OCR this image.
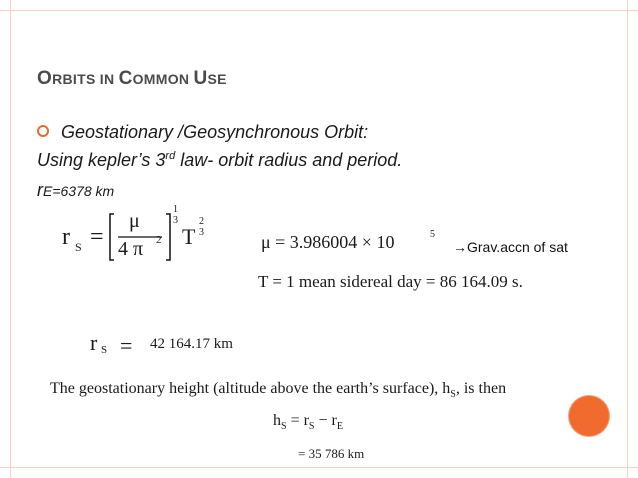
ORBITS IN COMMON USE
Geostationary /Geosynchronous Orbit:
Using kepler’s 3rd law- orbit radius and period.
rE=6378 km
r S =
μ
4 π 2
1
3
T
2
3	μ = 3.986004 × 10	5
→Grav.accn of sat
T = 1 mean sidereal day = 86 164.09 s.
r S = 42 164.17 km
The geostationary height (altitude above the earth’s surface), $h_S$, is then
$h_S = r_S - r_E$
= 35 786 km
